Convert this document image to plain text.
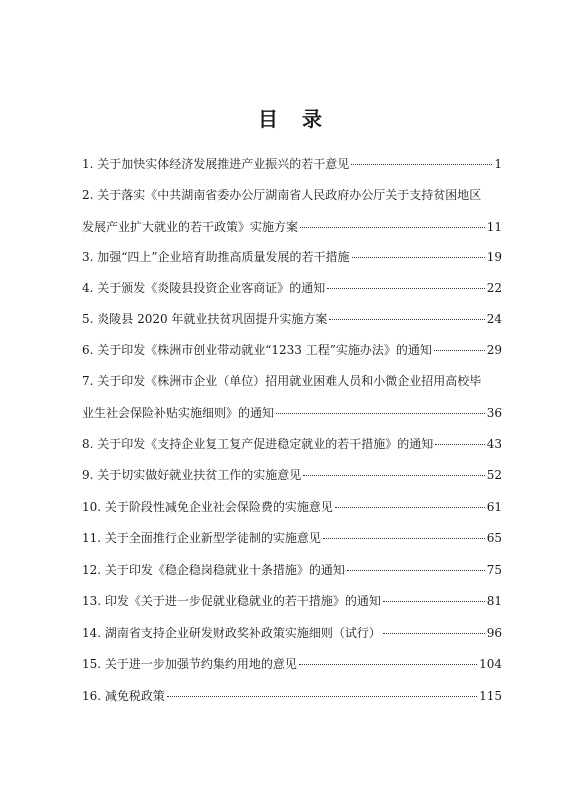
目　录
1. 关于加快实体经济发展推进产业振兴的若干意见	1
2. 关于落实《中共湖南省委办公厅湖南省人民政府办公厅关于支持贫困地区
发展产业扩大就业的若干政策》实施方案	11
3. 加强“四上”企业培育助推高质量发展的若干措施	19
4. 关于颁发《炎陵县投资企业客商证》的通知	22
5. 炎陵县 2020 年就业扶贫巩固提升实施方案	24
6. 关于印发《株洲市创业带动就业“1233 工程”实施办法》的通知	29
7. 关于印发《株洲市企业（单位）招用就业困难人员和小微企业招用高校毕
业生社会保险补贴实施细则》的通知	36
8. 关于印发《支持企业复工复产促进稳定就业的若干措施》的通知	43
9. 关于切实做好就业扶贫工作的实施意见	52
10. 关于阶段性减免企业社会保险费的实施意见	61
11. 关于全面推行企业新型学徒制的实施意见	65
12. 关于印发《稳企稳岗稳就业十条措施》的通知	75
13. 印发《关于进一步促就业稳就业的若干措施》的通知	81
14. 湖南省支持企业研发财政奖补政策实施细则（试行）	96
15. 关于进一步加强节约集约用地的意见	104
16. 减免税政策	115
